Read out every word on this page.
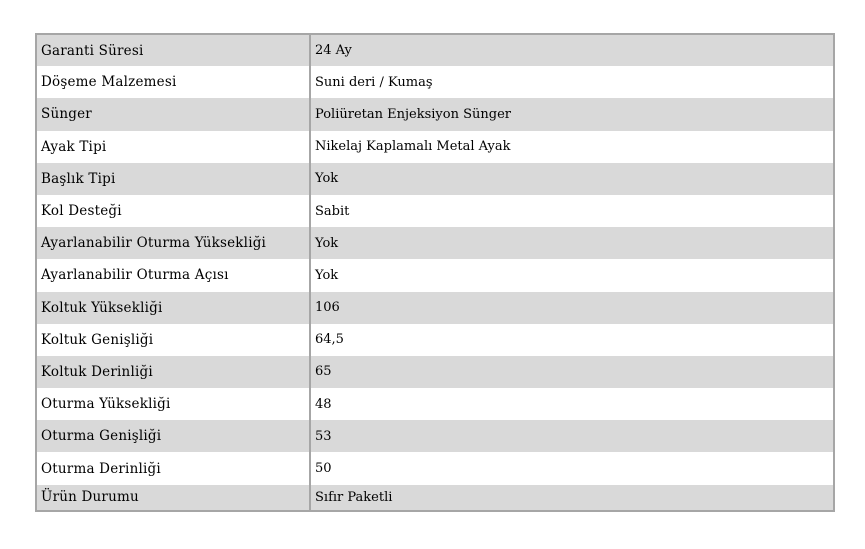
Garanti Süresi	24 Ay
Döşeme Malzemesi	Suni deri / Kumaş
Sünger	Poliüretan Enjeksiyon Sünger
Ayak Tipi	Nikelaj Kaplamalı Metal Ayak
Başlık Tipi	Yok
Kol Desteği	Sabit
Ayarlanabilir Oturma Yüksekliği	Yok
Ayarlanabilir Oturma Açısı	Yok
Koltuk Yüksekliği	106
Koltuk Genişliği	64,5
Koltuk Derinliği	65
Oturma Yüksekliği	48
Oturma Genişliği	53
Oturma Derinliği	50
Ürün Durumu	Sıfır Paketli
